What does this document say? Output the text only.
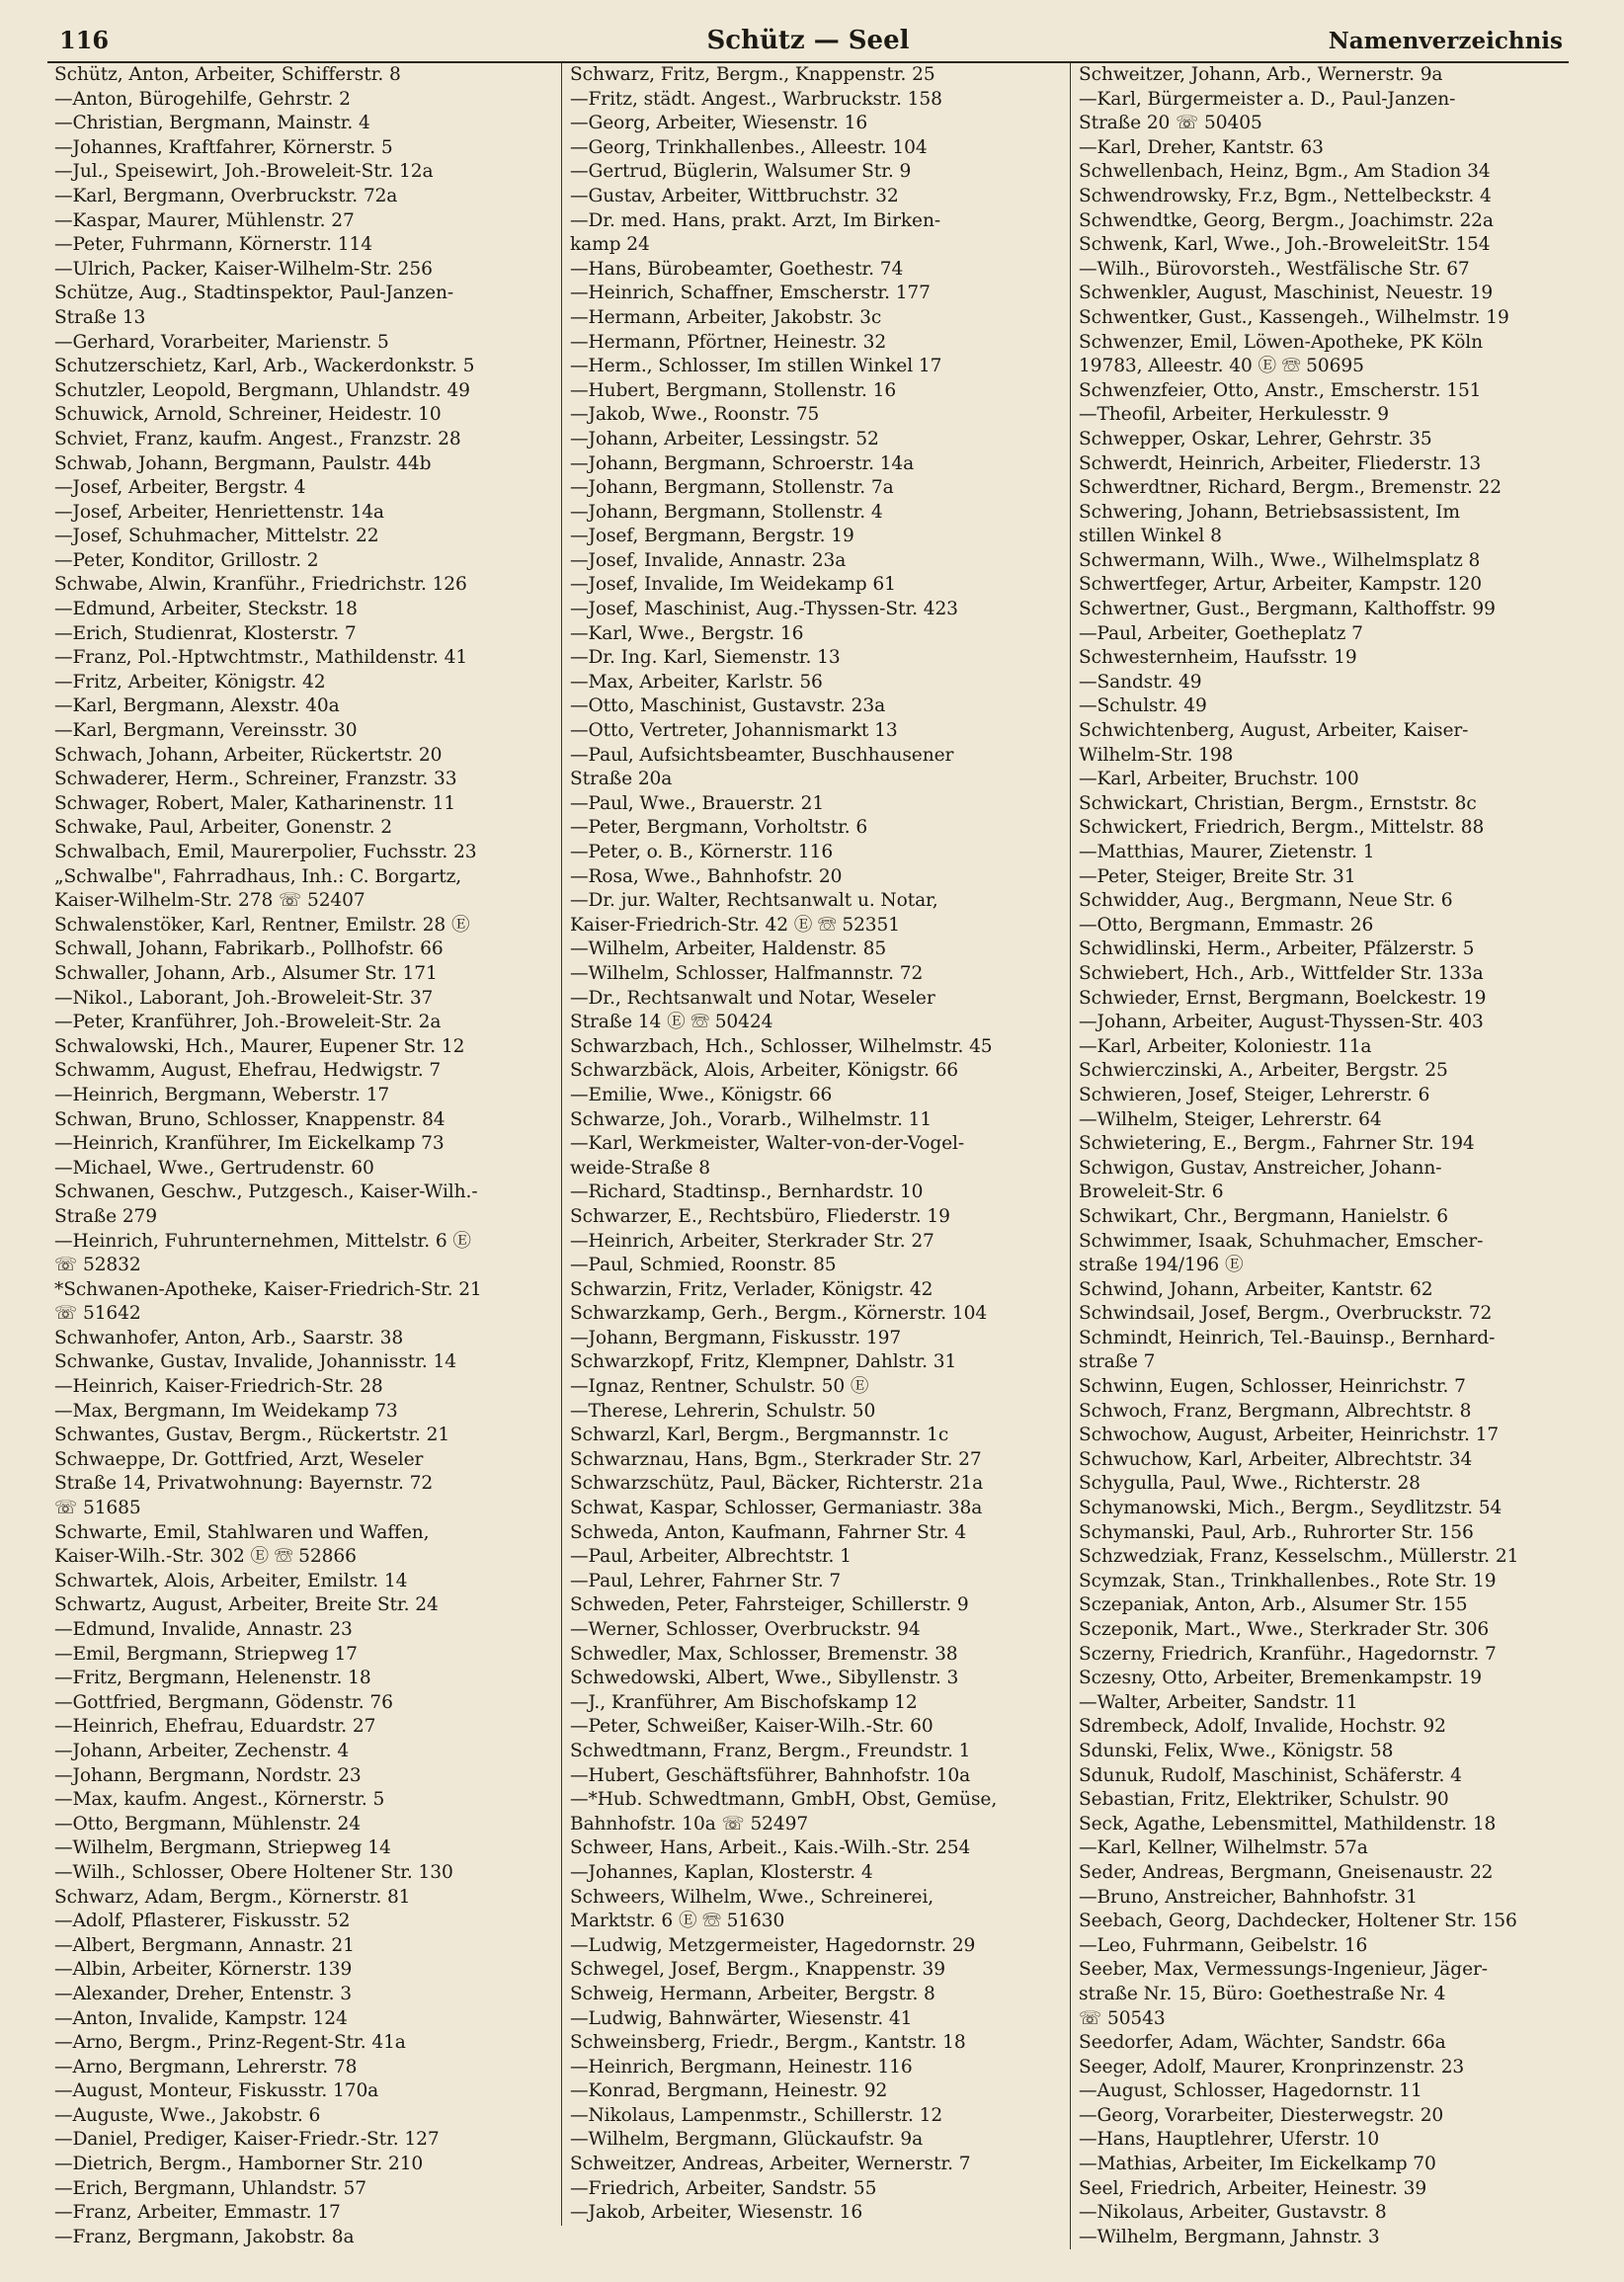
116	Schütz — Seel	Namenverzeichnis

Schütz, Anton, Arbeiter, Schifferstr. 8

—Anton, Bürogehilfe, Gehrstr. 2

—Christian, Bergmann, Mainstr. 4

—Johannes, Kraftfahrer, Körnerstr. 5

—Jul., Speisewirt, Joh.-Broweleit-Str. 12a

—Karl, Bergmann, Overbruckstr. 72a

—Kaspar, Maurer, Mühlenstr. 27

—Peter, Fuhrmann, Körnerstr. 114

—Ulrich, Packer, Kaiser-Wilhelm-Str. 256

Schütze, Aug., Stadtinspektor, Paul-Janzen-

Straße 13

—Gerhard, Vorarbeiter, Marienstr. 5

Schutzerschietz, Karl, Arb., Wackerdonkstr. 5

Schutzler, Leopold, Bergmann, Uhlandstr. 49

Schuwick, Arnold, Schreiner, Heidestr. 10

Schviet, Franz, kaufm. Angest., Franzstr. 28

Schwab, Johann, Bergmann, Paulstr. 44b

—Josef, Arbeiter, Bergstr. 4

—Josef, Arbeiter, Henriettenstr. 14a

—Josef, Schuhmacher, Mittelstr. 22

—Peter, Konditor, Grillostr. 2

Schwabe, Alwin, Kranführ., Friedrichstr. 126

—Edmund, Arbeiter, Steckstr. 18

—Erich, Studienrat, Klosterstr. 7

—Franz, Pol.-Hptwchtmstr., Mathildenstr. 41

—Fritz, Arbeiter, Königstr. 42

—Karl, Bergmann, Alexstr. 40a

—Karl, Bergmann, Vereinsstr. 30

Schwach, Johann, Arbeiter, Rückertstr. 20

Schwaderer, Herm., Schreiner, Franzstr. 33

Schwager, Robert, Maler, Katharinenstr. 11

Schwake, Paul, Arbeiter, Gonenstr. 2

Schwalbach, Emil, Maurerpolier, Fuchsstr. 23

„Schwalbe", Fahrradhaus, Inh.: C. Borgartz,

Kaiser-Wilhelm-Str. 278 ☏ 52407

Schwalenstöker, Karl, Rentner, Emilstr. 28 Ⓔ

Schwall, Johann, Fabrikarb., Pollhofstr. 66

Schwaller, Johann, Arb., Alsumer Str. 171

—Nikol., Laborant, Joh.-Broweleit-Str. 37

—Peter, Kranführer, Joh.-Broweleit-Str. 2a

Schwalowski, Hch., Maurer, Eupener Str. 12

Schwamm, August, Ehefrau, Hedwigstr. 7

—Heinrich, Bergmann, Weberstr. 17

Schwan, Bruno, Schlosser, Knappenstr. 84

—Heinrich, Kranführer, Im Eickelkamp 73

—Michael, Wwe., Gertrudenstr. 60

Schwanen, Geschw., Putzgesch., Kaiser-Wilh.-

Straße 279

—Heinrich, Fuhrunternehmen, Mittelstr. 6 Ⓔ

☏ 52832

*Schwanen-Apotheke, Kaiser-Friedrich-Str. 21

☏ 51642

Schwanhofer, Anton, Arb., Saarstr. 38

Schwanke, Gustav, Invalide, Johannisstr. 14

—Heinrich, Kaiser-Friedrich-Str. 28

—Max, Bergmann, Im Weidekamp 73

Schwantes, Gustav, Bergm., Rückertstr. 21

Schwaeppe, Dr. Gottfried, Arzt, Weseler

Straße 14, Privatwohnung: Bayernstr. 72

☏ 51685

Schwarte, Emil, Stahlwaren und Waffen,

Kaiser-Wilh.-Str. 302 Ⓔ ☏ 52866

Schwartek, Alois, Arbeiter, Emilstr. 14

Schwartz, August, Arbeiter, Breite Str. 24

—Edmund, Invalide, Annastr. 23

—Emil, Bergmann, Striepweg 17

—Fritz, Bergmann, Helenenstr. 18

—Gottfried, Bergmann, Gödenstr. 76

—Heinrich, Ehefrau, Eduardstr. 27

—Johann, Arbeiter, Zechenstr. 4

—Johann, Bergmann, Nordstr. 23

—Max, kaufm. Angest., Körnerstr. 5

—Otto, Bergmann, Mühlenstr. 24

—Wilhelm, Bergmann, Striepweg 14

—Wilh., Schlosser, Obere Holtener Str. 130

Schwarz, Adam, Bergm., Körnerstr. 81

—Adolf, Pflasterer, Fiskusstr. 52

—Albert, Bergmann, Annastr. 21

—Albin, Arbeiter, Körnerstr. 139

—Alexander, Dreher, Entenstr. 3

—Anton, Invalide, Kampstr. 124

—Arno, Bergm., Prinz-Regent-Str. 41a

—Arno, Bergmann, Lehrerstr. 78

—August, Monteur, Fiskusstr. 170a

—Auguste, Wwe., Jakobstr. 6

—Daniel, Prediger, Kaiser-Friedr.-Str. 127

—Dietrich, Bergm., Hamborner Str. 210

—Erich, Bergmann, Uhlandstr. 57

—Franz, Arbeiter, Emmastr. 17

—Franz, Bergmann, Jakobstr. 8a

Schwarz, Fritz, Bergm., Knappenstr. 25

—Fritz, städt. Angest., Warbruckstr. 158

—Georg, Arbeiter, Wiesenstr. 16

—Georg, Trinkhallenbes., Alleestr. 104

—Gertrud, Büglerin, Walsumer Str. 9

—Gustav, Arbeiter, Wittbruchstr. 32

—Dr. med. Hans, prakt. Arzt, Im Birken-

kamp 24

—Hans, Bürobeamter, Goethestr. 74

—Heinrich, Schaffner, Emscherstr. 177

—Hermann, Arbeiter, Jakobstr. 3c

—Hermann, Pförtner, Heinestr. 32

—Herm., Schlosser, Im stillen Winkel 17

—Hubert, Bergmann, Stollenstr. 16

—Jakob, Wwe., Roonstr. 75

—Johann, Arbeiter, Lessingstr. 52

—Johann, Bergmann, Schroerstr. 14a

—Johann, Bergmann, Stollenstr. 7a

—Johann, Bergmann, Stollenstr. 4

—Josef, Bergmann, Bergstr. 19

—Josef, Invalide, Annastr. 23a

—Josef, Invalide, Im Weidekamp 61

—Josef, Maschinist, Aug.-Thyssen-Str. 423

—Karl, Wwe., Bergstr. 16

—Dr. Ing. Karl, Siemenstr. 13

—Max, Arbeiter, Karlstr. 56

—Otto, Maschinist, Gustavstr. 23a

—Otto, Vertreter, Johannismarkt 13

—Paul, Aufsichtsbeamter, Buschhausener

Straße 20a

—Paul, Wwe., Brauerstr. 21

—Peter, Bergmann, Vorholtstr. 6

—Peter, o. B., Körnerstr. 116

—Rosa, Wwe., Bahnhofstr. 20

—Dr. jur. Walter, Rechtsanwalt u. Notar,

Kaiser-Friedrich-Str. 42 Ⓔ ☏ 52351

—Wilhelm, Arbeiter, Haldenstr. 85

—Wilhelm, Schlosser, Halfmannstr. 72

—Dr., Rechtsanwalt und Notar, Weseler

Straße 14 Ⓔ ☏ 50424

Schwarzbach, Hch., Schlosser, Wilhelmstr. 45

Schwarzbäck, Alois, Arbeiter, Königstr. 66

—Emilie, Wwe., Königstr. 66

Schwarze, Joh., Vorarb., Wilhelmstr. 11

—Karl, Werkmeister, Walter-von-der-Vogel-

weide-Straße 8

—Richard, Stadtinsp., Bernhardstr. 10

Schwarzer, E., Rechtsbüro, Fliederstr. 19

—Heinrich, Arbeiter, Sterkrader Str. 27

—Paul, Schmied, Roonstr. 85

Schwarzin, Fritz, Verlader, Königstr. 42

Schwarzkamp, Gerh., Bergm., Körnerstr. 104

—Johann, Bergmann, Fiskusstr. 197

Schwarzkopf, Fritz, Klempner, Dahlstr. 31

—Ignaz, Rentner, Schulstr. 50 Ⓔ

—Therese, Lehrerin, Schulstr. 50

Schwarzl, Karl, Bergm., Bergmannstr. 1c

Schwarznau, Hans, Bgm., Sterkrader Str. 27

Schwarzschütz, Paul, Bäcker, Richterstr. 21a

Schwat, Kaspar, Schlosser, Germaniastr. 38a

Schweda, Anton, Kaufmann, Fahrner Str. 4

—Paul, Arbeiter, Albrechtstr. 1

—Paul, Lehrer, Fahrner Str. 7

Schweden, Peter, Fahrsteiger, Schillerstr. 9

—Werner, Schlosser, Overbruckstr. 94

Schwedler, Max, Schlosser, Bremenstr. 38

Schwedowski, Albert, Wwe., Sibyllenstr. 3

—J., Kranführer, Am Bischofskamp 12

—Peter, Schweißer, Kaiser-Wilh.-Str. 60

Schwedtmann, Franz, Bergm., Freundstr. 1

—Hubert, Geschäftsführer, Bahnhofstr. 10a

—*Hub. Schwedtmann, GmbH, Obst, Gemüse,

Bahnhofstr. 10a ☏ 52497

Schweer, Hans, Arbeit., Kais.-Wilh.-Str. 254

—Johannes, Kaplan, Klosterstr. 4

Schweers, Wilhelm, Wwe., Schreinerei,

Marktstr. 6 Ⓔ ☏ 51630

—Ludwig, Metzgermeister, Hagedornstr. 29

Schwegel, Josef, Bergm., Knappenstr. 39

Schweig, Hermann, Arbeiter, Bergstr. 8

—Ludwig, Bahnwärter, Wiesenstr. 41

Schweinsberg, Friedr., Bergm., Kantstr. 18

—Heinrich, Bergmann, Heinestr. 116

—Konrad, Bergmann, Heinestr. 92

—Nikolaus, Lampenmstr., Schillerstr. 12

—Wilhelm, Bergmann, Glückaufstr. 9a

Schweitzer, Andreas, Arbeiter, Wernerstr. 7

—Friedrich, Arbeiter, Sandstr. 55

—Jakob, Arbeiter, Wiesenstr. 16

Schweitzer, Johann, Arb., Wernerstr. 9a

—Karl, Bürgermeister a. D., Paul-Janzen-

Straße 20 ☏ 50405

—Karl, Dreher, Kantstr. 63

Schwellenbach, Heinz, Bgm., Am Stadion 34

Schwendrowsky, Fr.z, Bgm., Nettelbeckstr. 4

Schwendtke, Georg, Bergm., Joachimstr. 22a

Schwenk, Karl, Wwe., Joh.-BroweleitStr. 154

—Wilh., Bürovorsteh., Westfälische Str. 67

Schwenkler, August, Maschinist, Neuestr. 19

Schwentker, Gust., Kassengeh., Wilhelmstr. 19

Schwenzer, Emil, Löwen-Apotheke, PK Köln

19783, Alleestr. 40 Ⓔ ☏ 50695

Schwenzfeier, Otto, Anstr., Emscherstr. 151

—Theofil, Arbeiter, Herkulesstr. 9

Schwepper, Oskar, Lehrer, Gehrstr. 35

Schwerdt, Heinrich, Arbeiter, Fliederstr. 13

Schwerdtner, Richard, Bergm., Bremenstr. 22

Schwering, Johann, Betriebsassistent, Im

stillen Winkel 8

Schwermann, Wilh., Wwe., Wilhelmsplatz 8

Schwertfeger, Artur, Arbeiter, Kampstr. 120

Schwertner, Gust., Bergmann, Kalthoffstr. 99

—Paul, Arbeiter, Goetheplatz 7

Schwesternheim, Haufsstr. 19

—Sandstr. 49

—Schulstr. 49

Schwichtenberg, August, Arbeiter, Kaiser-

Wilhelm-Str. 198

—Karl, Arbeiter, Bruchstr. 100

Schwickart, Christian, Bergm., Ernststr. 8c

Schwickert, Friedrich, Bergm., Mittelstr. 88

—Matthias, Maurer, Zietenstr. 1

—Peter, Steiger, Breite Str. 31

Schwidder, Aug., Bergmann, Neue Str. 6

—Otto, Bergmann, Emmastr. 26

Schwidlinski, Herm., Arbeiter, Pfälzerstr. 5

Schwiebert, Hch., Arb., Wittfelder Str. 133a

Schwieder, Ernst, Bergmann, Boelckestr. 19

—Johann, Arbeiter, August-Thyssen-Str. 403

—Karl, Arbeiter, Koloniestr. 11a

Schwierczinski, A., Arbeiter, Bergstr. 25

Schwieren, Josef, Steiger, Lehrerstr. 6

—Wilhelm, Steiger, Lehrerstr. 64

Schwietering, E., Bergm., Fahrner Str. 194

Schwigon, Gustav, Anstreicher, Johann-

Broweleit-Str. 6

Schwikart, Chr., Bergmann, Hanielstr. 6

Schwimmer, Isaak, Schuhmacher, Emscher-

straße 194/196 Ⓔ

Schwind, Johann, Arbeiter, Kantstr. 62

Schwindsail, Josef, Bergm., Overbruckstr. 72

Schmindt, Heinrich, Tel.-Bauinsp., Bernhard-

straße 7

Schwinn, Eugen, Schlosser, Heinrichstr. 7

Schwoch, Franz, Bergmann, Albrechtstr. 8

Schwochow, August, Arbeiter, Heinrichstr. 17

Schwuchow, Karl, Arbeiter, Albrechtstr. 34

Schygulla, Paul, Wwe., Richterstr. 28

Schymanowski, Mich., Bergm., Seydlitzstr. 54

Schymanski, Paul, Arb., Ruhrorter Str. 156

Schzwedziak, Franz, Kesselschm., Müllerstr. 21

Scymzak, Stan., Trinkhallenbes., Rote Str. 19

Sczepaniak, Anton, Arb., Alsumer Str. 155

Sczeponik, Mart., Wwe., Sterkrader Str. 306

Sczerny, Friedrich, Kranführ., Hagedornstr. 7

Sczesny, Otto, Arbeiter, Bremenkampstr. 19

—Walter, Arbeiter, Sandstr. 11

Sdrembeck, Adolf, Invalide, Hochstr. 92

Sdunski, Felix, Wwe., Königstr. 58

Sdunuk, Rudolf, Maschinist, Schäferstr. 4

Sebastian, Fritz, Elektriker, Schulstr. 90

Seck, Agathe, Lebensmittel, Mathildenstr. 18

—Karl, Kellner, Wilhelmstr. 57a

Seder, Andreas, Bergmann, Gneisenaustr. 22

—Bruno, Anstreicher, Bahnhofstr. 31

Seebach, Georg, Dachdecker, Holtener Str. 156

—Leo, Fuhrmann, Geibelstr. 16

Seeber, Max, Vermessungs-Ingenieur, Jäger-

straße Nr. 15, Büro: Goethestraße Nr. 4

☏ 50543

Seedorfer, Adam, Wächter, Sandstr. 66a

Seeger, Adolf, Maurer, Kronprinzenstr. 23

—August, Schlosser, Hagedornstr. 11

—Georg, Vorarbeiter, Diesterwegstr. 20

—Hans, Hauptlehrer, Uferstr. 10

—Mathias, Arbeiter, Im Eickelkamp 70

Seel, Friedrich, Arbeiter, Heinestr. 39

—Nikolaus, Arbeiter, Gustavstr. 8

—Wilhelm, Bergmann, Jahnstr. 3
